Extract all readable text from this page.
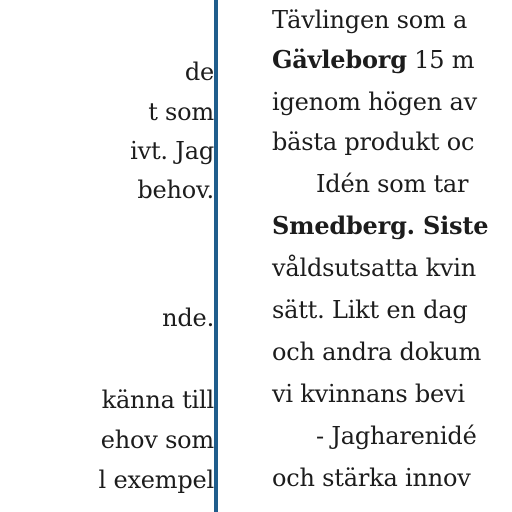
de
t som
ivt. Jag
behov.
nde.
känna till
ehov som
l exempel
Tävlingen som a
Gävleborg 15 m
igenom högen av
bästa produkt oc
Idén som tar
Smedberg. Siste
våldsutsatta kvin
sätt. Likt en dag
och andra dokum
vi kvinnans bevi
- Jagharenidé
och stärka innov
